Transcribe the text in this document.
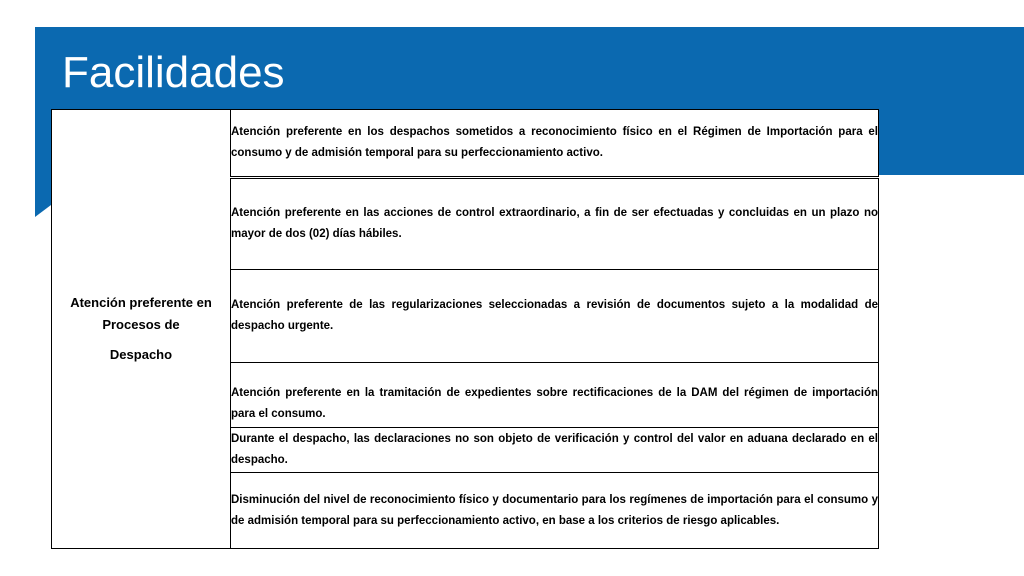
Facilidades
Atención preferente en Procesos de
Despacho
	Atención preferente en los despachos sometidos a reconocimiento físico en el Régimen de Importación para el consumo y de admisión temporal para su perfeccionamiento activo.
Atención preferente en las acciones de control extraordinario, a fin de ser efectuadas y concluidas en un plazo no mayor de dos (02) días hábiles.
Atención preferente de las regularizaciones seleccionadas a revisión de documentos sujeto a la modalidad de despacho urgente.
Atención preferente en la tramitación de expedientes sobre rectificaciones de la DAM del régimen de importación para el consumo.
Durante el despacho, las declaraciones no son objeto de verificación y control del valor en aduana declarado en el despacho.
Disminución del nivel de reconocimiento físico y documentario para los regímenes de importación para el consumo y de admisión temporal para su perfeccionamiento activo, en base a los criterios de riesgo aplicables.
